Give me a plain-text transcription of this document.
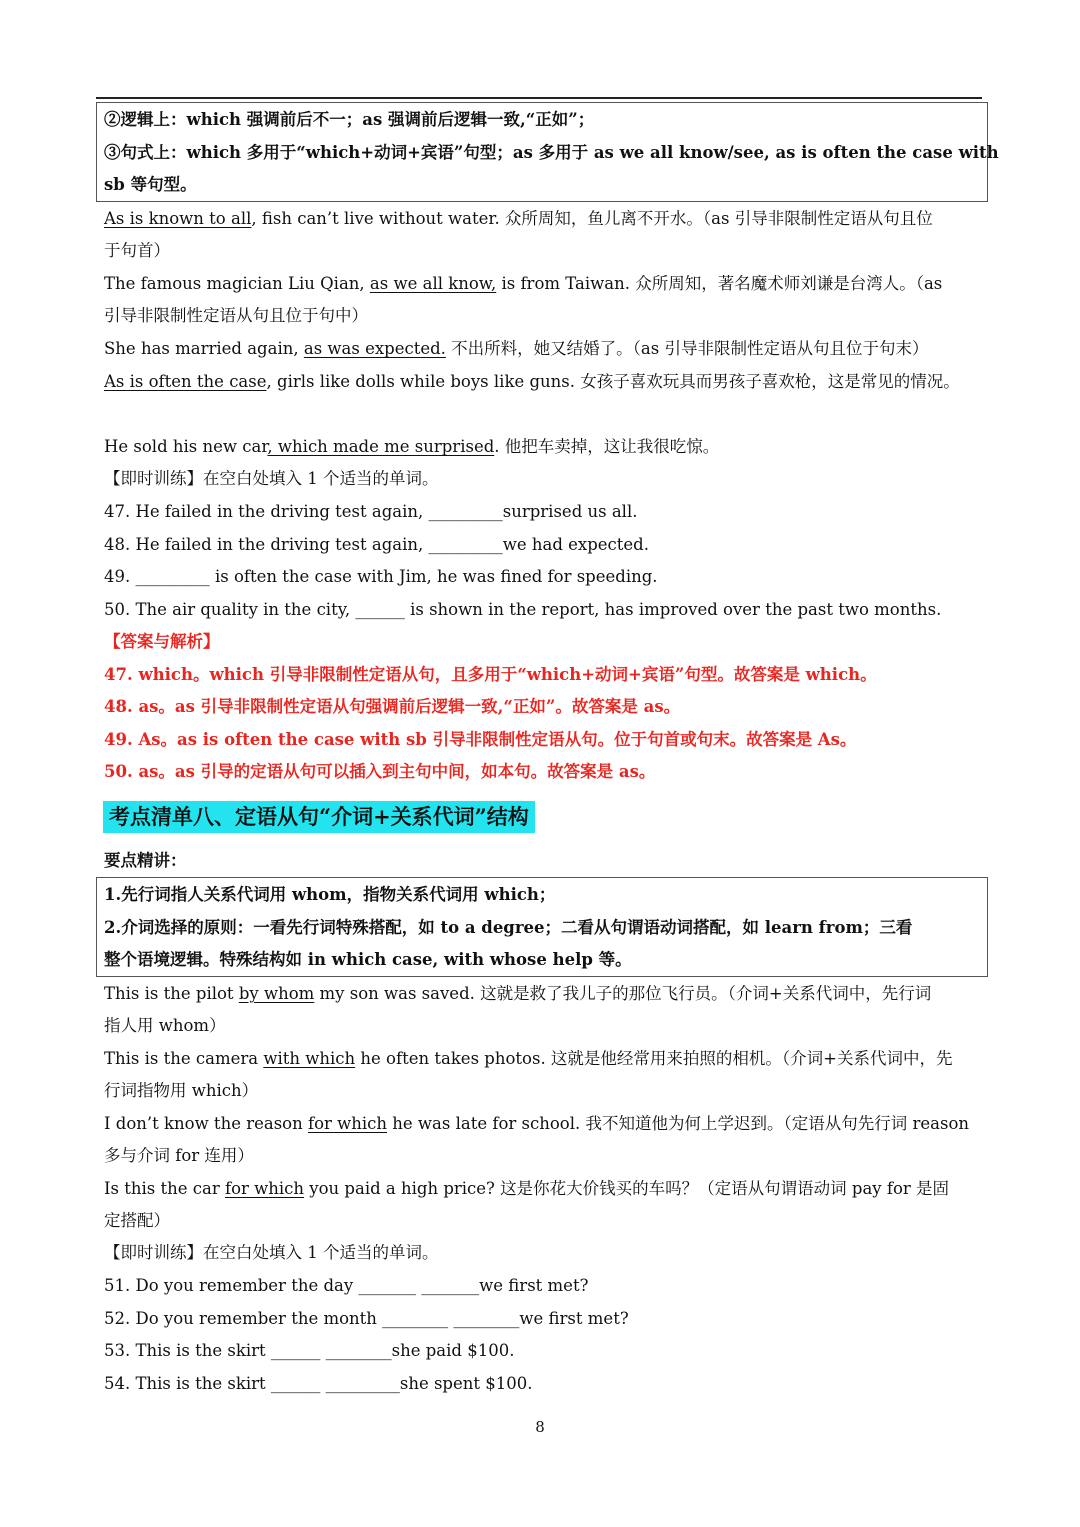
②逻辑上：which 强调前后不一；as 强调前后逻辑一致,“正如”；
③句式上：which 多用于“which+动词+宾语”句型；as 多用于 as we all know/see, as is often the case with
sb 等句型。
As is known to all, fish can’t live without water. 众所周知，鱼儿离不开水。（as 引导非限制性定语从句且位
于句首）
The famous magician Liu Qian, as we all know, is from Taiwan. 众所周知，著名魔术师刘谦是台湾人。（as
引导非限制性定语从句且位于句中）
She has married again, as was expected. 不出所料，她又结婚了。（as 引导非限制性定语从句且位于句末）
As is often the case, girls like dolls while boys like guns. 女孩子喜欢玩具而男孩子喜欢枪，这是常见的情况。
He sold his new car, which made me surprised. 他把车卖掉，这让我很吃惊。
【即时训练】在空白处填入 1 个适当的单词。
47. He failed in the driving test again, _________surprised us all.
48. He failed in the driving test again, _________we had expected.
49. _________ is often the case with Jim, he was fined for speeding.
50. The air quality in the city, ______ is shown in the report, has improved over the past two months.
【答案与解析】
47. which。which 引导非限制性定语从句，且多用于“which+动词+宾语”句型。故答案是 which。
48. as。as 引导非限制性定语从句强调前后逻辑一致,“正如”。故答案是 as。
49. As。as is often the case with sb 引导非限制性定语从句。位于句首或句末。故答案是 As。
50. as。as 引导的定语从句可以插入到主句中间，如本句。故答案是 as。
考点清单八、定语从句“介词+关系代词”结构
要点精讲：
1.先行词指人关系代词用 whom，指物关系代词用 which；
2.介词选择的原则：一看先行词特殊搭配，如 to a degree；二看从句谓语动词搭配，如 learn from；三看
整个语境逻辑。特殊结构如 in which case, with whose help 等。
This is the pilot by whom my son was saved. 这就是救了我儿子的那位飞行员。（介词+关系代词中，先行词
指人用 whom）
This is the camera with which he often takes photos. 这就是他经常用来拍照的相机。（介词+关系代词中，先
行词指物用 which）
I don’t know the reason for which he was late for school. 我不知道他为何上学迟到。（定语从句先行词 reason
多与介词 for 连用）
Is this the car for which you paid a high price? 这是你花大价钱买的车吗？（定语从句谓语动词 pay for 是固
定搭配）
【即时训练】在空白处填入 1 个适当的单词。
51. Do you remember the day _______ _______we first met?
52. Do you remember the month ________ ________we first met?
53. This is the skirt ______ ________she paid $100.
54. This is the skirt ______ _________she spent $100.
8
